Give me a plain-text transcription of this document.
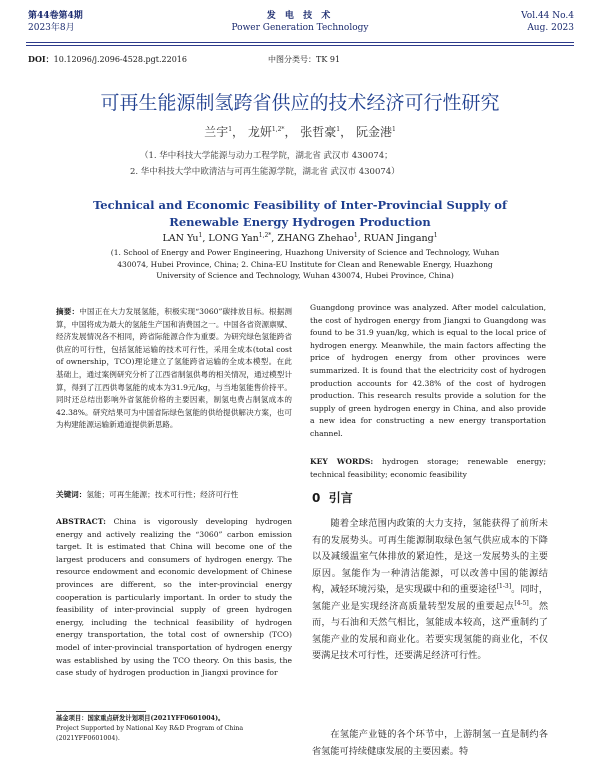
第44卷第4期
2023年8月
发 电 技 术
Power Generation Technology
Vol.44 No.4
Aug. 2023
DOI：10.12096/j.2096-4528.pgt.22016	中图分类号：TK 91
可再生能源制氢跨省供应的技术经济可行性研究
兰宇$^1$， 龙妍$^{1,2*}$， 张哲豪$^1$， 阮金港$^1$
（1. 华中科技大学能源与动力工程学院，湖北省 武汉市 430074；
2. 华中科技大学中欧清洁与可再生能源学院，湖北省 武汉市 430074）
Technical and Economic Feasibility of Inter-Provincial Supply of Renewable Energy Hydrogen Production
LAN Yu$^1$, LONG Yan$^{1,2*}$, ZHANG Zhehao$^1$, RUAN Jingang$^1$
(1. School of Energy and Power Engineering, Huazhong University of Science and Technology, Wuhan 430074, Hubei Province, China; 2. China-EU Institute for Clean and Renewable Energy, Huazhong University of Science and Technology, Wuhan 430074, Hubei Province, China)
摘要：中国正在大力发展氢能，积极实现“3060”碳排放目标。根据测算，中国将成为最大的氢能生产国和消费国之一。中国各省资源禀赋、经济发展情况各不相同，跨省际能源合作为重要。为研究绿色氢能跨省供应的可行性，包括氢能运输的技术可行性，采用全成本(total cost of ownership，TCO)理论建立了氢能跨省运输的全成本模型。在此基础上，通过案例研究分析了江西省制氢供粤的相关情况，通过模型计算，得到了江西供粤氢能的成本为31.9元/kg，与当地氢能售价持平。同时还总结出影响外省氢能价格的主要因素，制氢电费占制氢成本的42.38%。研究结果可为中国省际绿色氢能的供给提供解决方案，也可为构建能源运输新通道提供新思路。
关键词：氢能；可再生能源；技术可行性；经济可行性
ABSTRACT: China is vigorously developing hydrogen energy and actively realizing the “3060” carbon emission target. It is estimated that China will become one of the largest producers and consumers of hydrogen energy. The resource endowment and economic development of Chinese provinces are different, so the inter-provincial energy cooperation is particularly important. In order to study the feasibility of inter-provincial supply of green hydrogen energy, including the technical feasibility of hydrogen energy transportation, the total cost of ownership (TCO) model of inter-provincial transportation of hydrogen energy was established by using the TCO theory. On this basis, the case study of hydrogen production in Jiangxi province for
Guangdong province was analyzed. After model calculation, the cost of hydrogen energy from Jiangxi to Guangdong was found to be 31.9 yuan/kg, which is equal to the local price of hydrogen energy. Meanwhile, the main factors affecting the price of hydrogen energy from other provinces were summarized. It is found that the electricity cost of hydrogen production accounts for 42.38% of the cost of hydrogen production. This research results provide a solution for the supply of green hydrogen energy in China, and also provide a new idea for constructing a new energy transportation channel.
KEY WORDS: hydrogen storage; renewable energy; technical feasibility; economic feasibility
0 引言
随着全球范围内政策的大力支持，氢能获得了前所未有的发展势头。可再生能源制取绿色氢气供应成本的下降以及减缓温室气体排放的紧迫性，是这一发展势头的主要原因。氢能作为一种清洁能源，可以改善中国的能源结构，减轻环境污染，是实现碳中和的重要途径[1-3]。同时，氢能产业是实现经济高质量转型发展的重要起点[4-5]。然而，与石油和天然气相比，氢能成本较高，这严重制约了氢能产业的发展和商业化。若要实现氢能的商业化，不仅要满足技术可行性，还要满足经济可行性。
在氢能产业链的各个环节中，上游制氢一直是制约各省氢能可持续健康发展的主要因素。特
基金项目：国家重点研发计划项目(2021YFF0601004)。
Project Supported by National Key R&D Program of China (2021YFF0601004).
